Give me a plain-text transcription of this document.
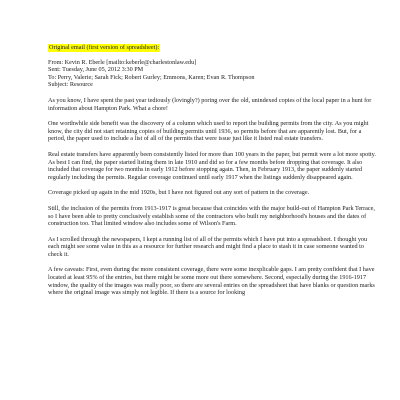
Original email (first version of spreadsheet):
From: Kevin R. Eberle [mailto:keberle@charlestonlaw.edu]
Sent: Tuesday, June 05, 2012 3:30 PM
To: Perry, Valerie; Sarah Fick; Robert Gurley; Emmons, Karen; Evan R. Thompson
Subject: Resource

As you know, I have spent the past year tediously (lovingly?) poring over the old, unindexed copies of the local paper in a hunt for information about Hampton Park. What a chore!

One worthwhile side benefit was the discovery of a column which used to report the building permits from the city. As you might know, the city did not start retaining copies of building permits until 1936, so permits before that are apparently lost. But, for a period, the paper used to include a list of all of the permits that were issue just like it listed real estate transfers.

Real estate transfers have apparently been consistently listed for more than 100 years in the paper, but permit were a lot more spotty. As best I can find, the paper started listing them in late 1910 and did so for a few months before dropping that coverage. It also included that coverage for two months in early 1912 before stopping again. Then, in February 1913, the paper suddenly started regularly including the permits. Regular coverage continued until early 1917 when the listings suddenly disappeared again.

Coverage picked up again in the mid 1920s, but I have not figured out any sort of pattern in the coverage.

Still, the inclusion of the permits from 1913-1917 is great because that coincides with the major build-out of Hampton Park Terrace, so I have been able to pretty conclusively establish some of the contractors who built my neighborhood's houses and the dates of construction too. That limited window also includes some of Wilson's Farm.

As I scrolled through the newspapers, I kept a running list of all of the permits which I have put into a spreadsheet. I thought you each might see some value in this as a resource for further research and might find a place to stash it in case someone wanted to check it.

A few caveats: First, even during the more consistent coverage, there were some inexplicable gaps. I am pretty confident that I have located at least 95% of the entries, but there might be some more out there somewhere. Second, especially during the 1916-1917 window, the quality of the images was really poor, so there are several entries on the spreadsheet that have blanks or question marks where the original image was simply not legible. If there is a source for looking
